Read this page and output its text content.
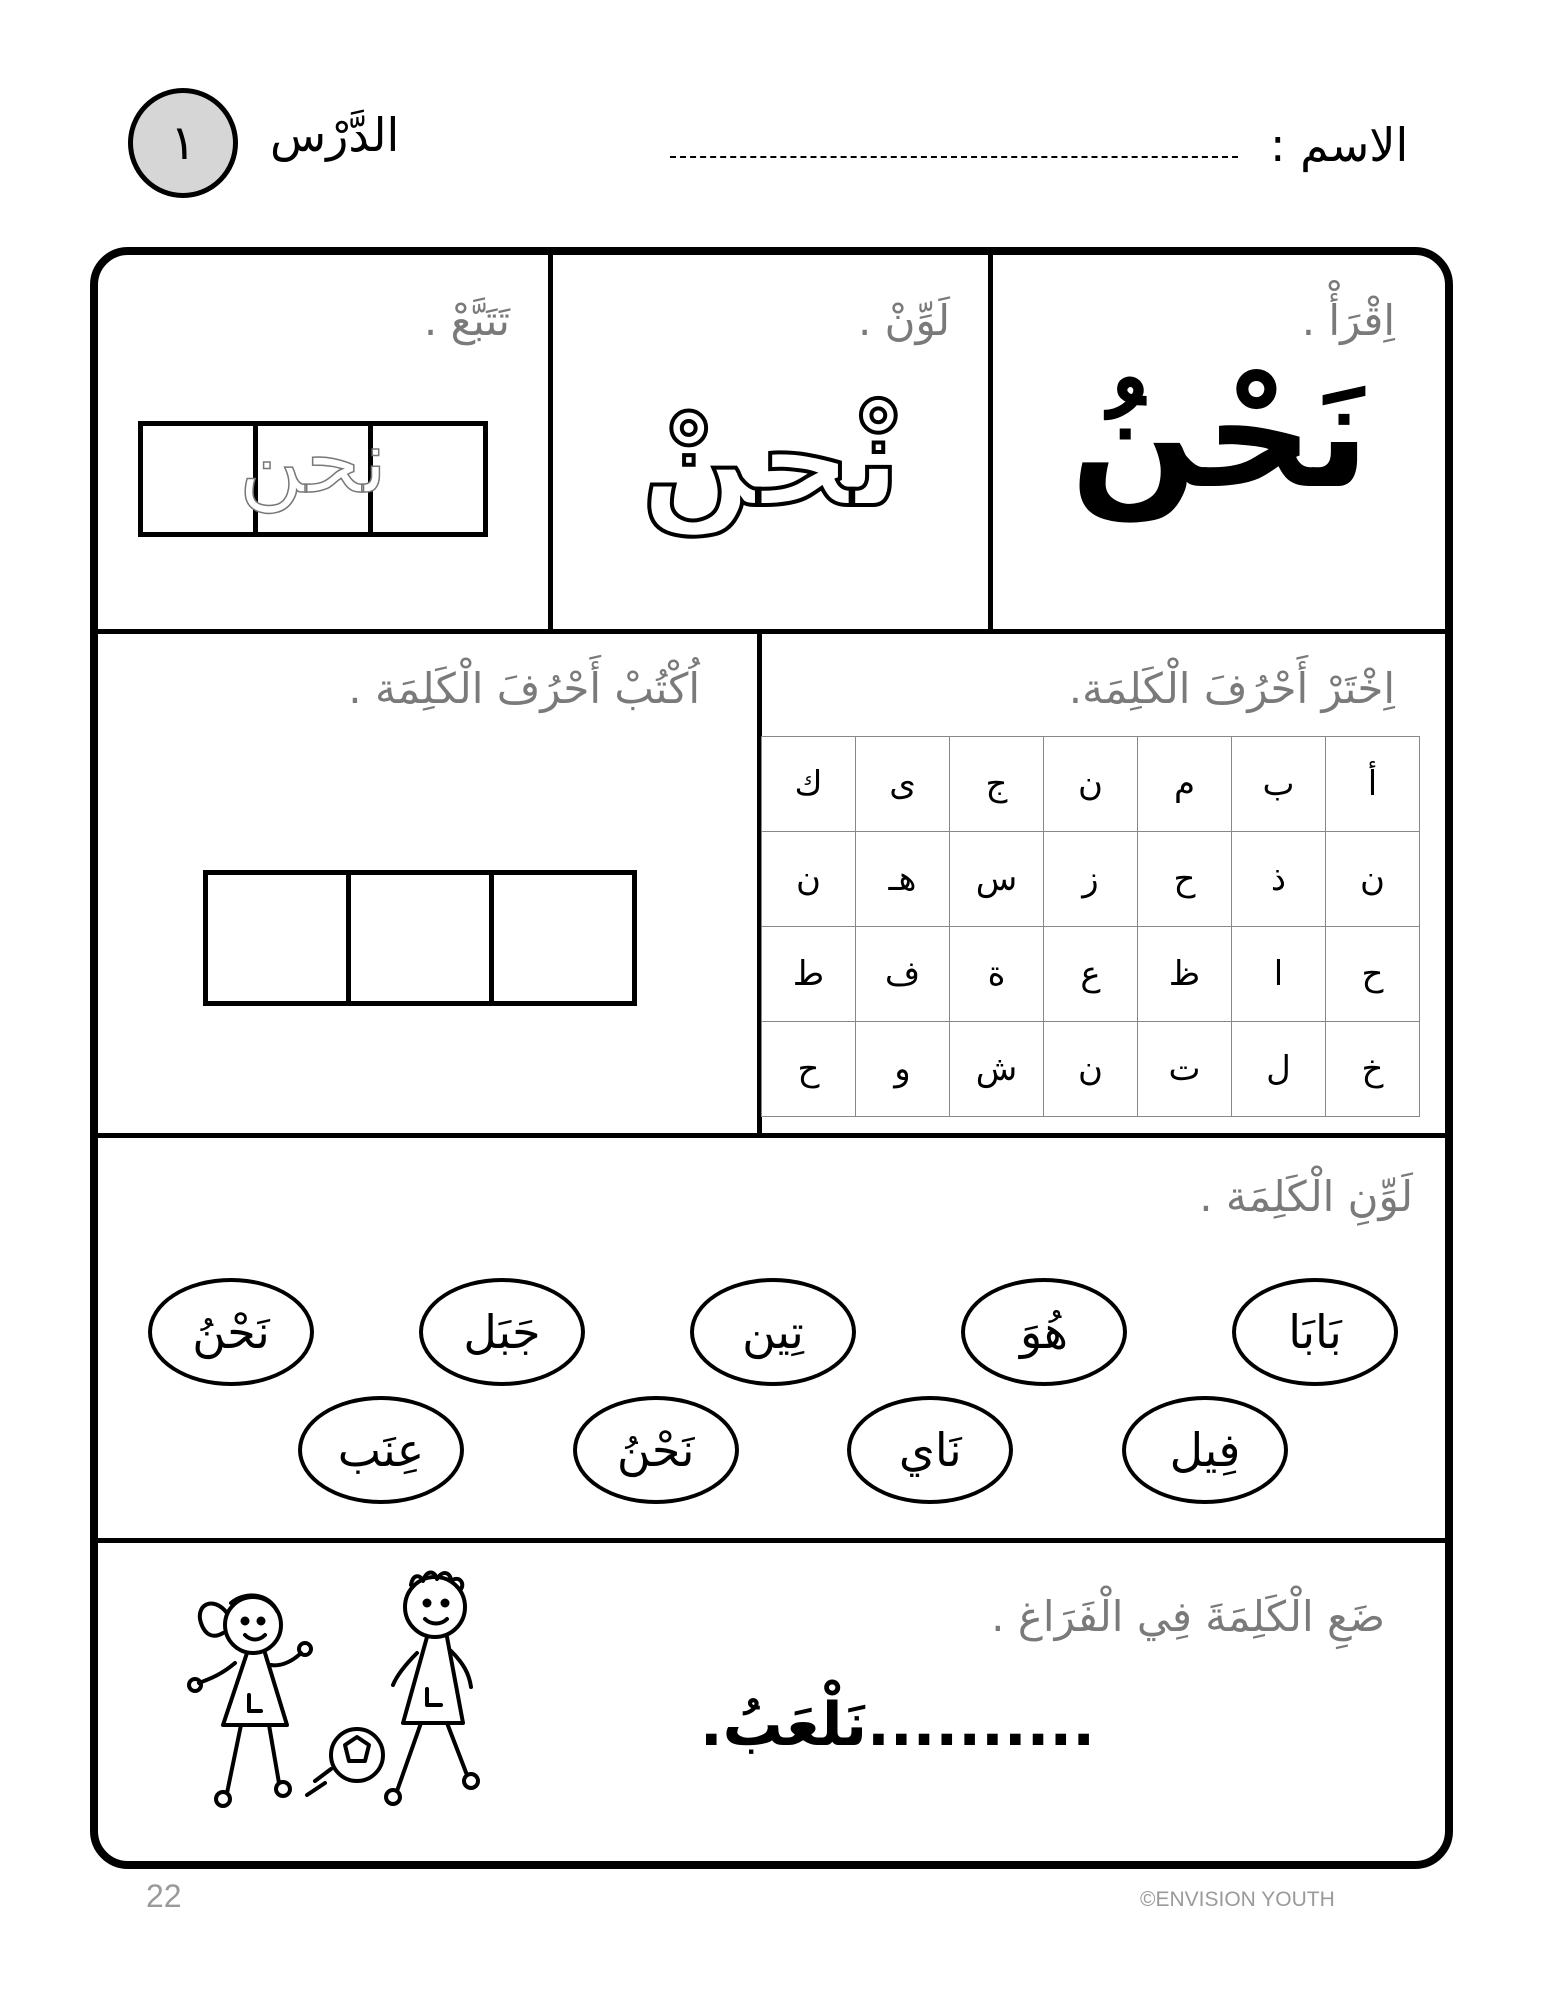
١ الدَّرْس	الاسم :
اِقْرَأْ .
نَحْنُ
لَوِّنْ .
نْحنْ
تَتَبَّعْ .
نحن
اِخْتَرْ أَحْرُفَ الْكَلِمَة.
ك	ى	ج	ن	م	ب	أ
ن	هـ	س	ز	ح	ذ	ن
ط	ف	ة	ع	ظ	ا	ح
ح	و	ش	ن	ت	ل	خ
اُكْتُبْ أَحْرُفَ الْكَلِمَة .
لَوِّنِ الْكَلِمَة .
بَابَا
هُوَ
تِين
جَبَل
نَحْنُ
فِيل
نَاي
نَحْنُ
عِنَب
ضَعِ الْكَلِمَةَ فِي الْفَرَاغ .
..........نَلْعَبُ.
22	©ENVISION YOUTH
